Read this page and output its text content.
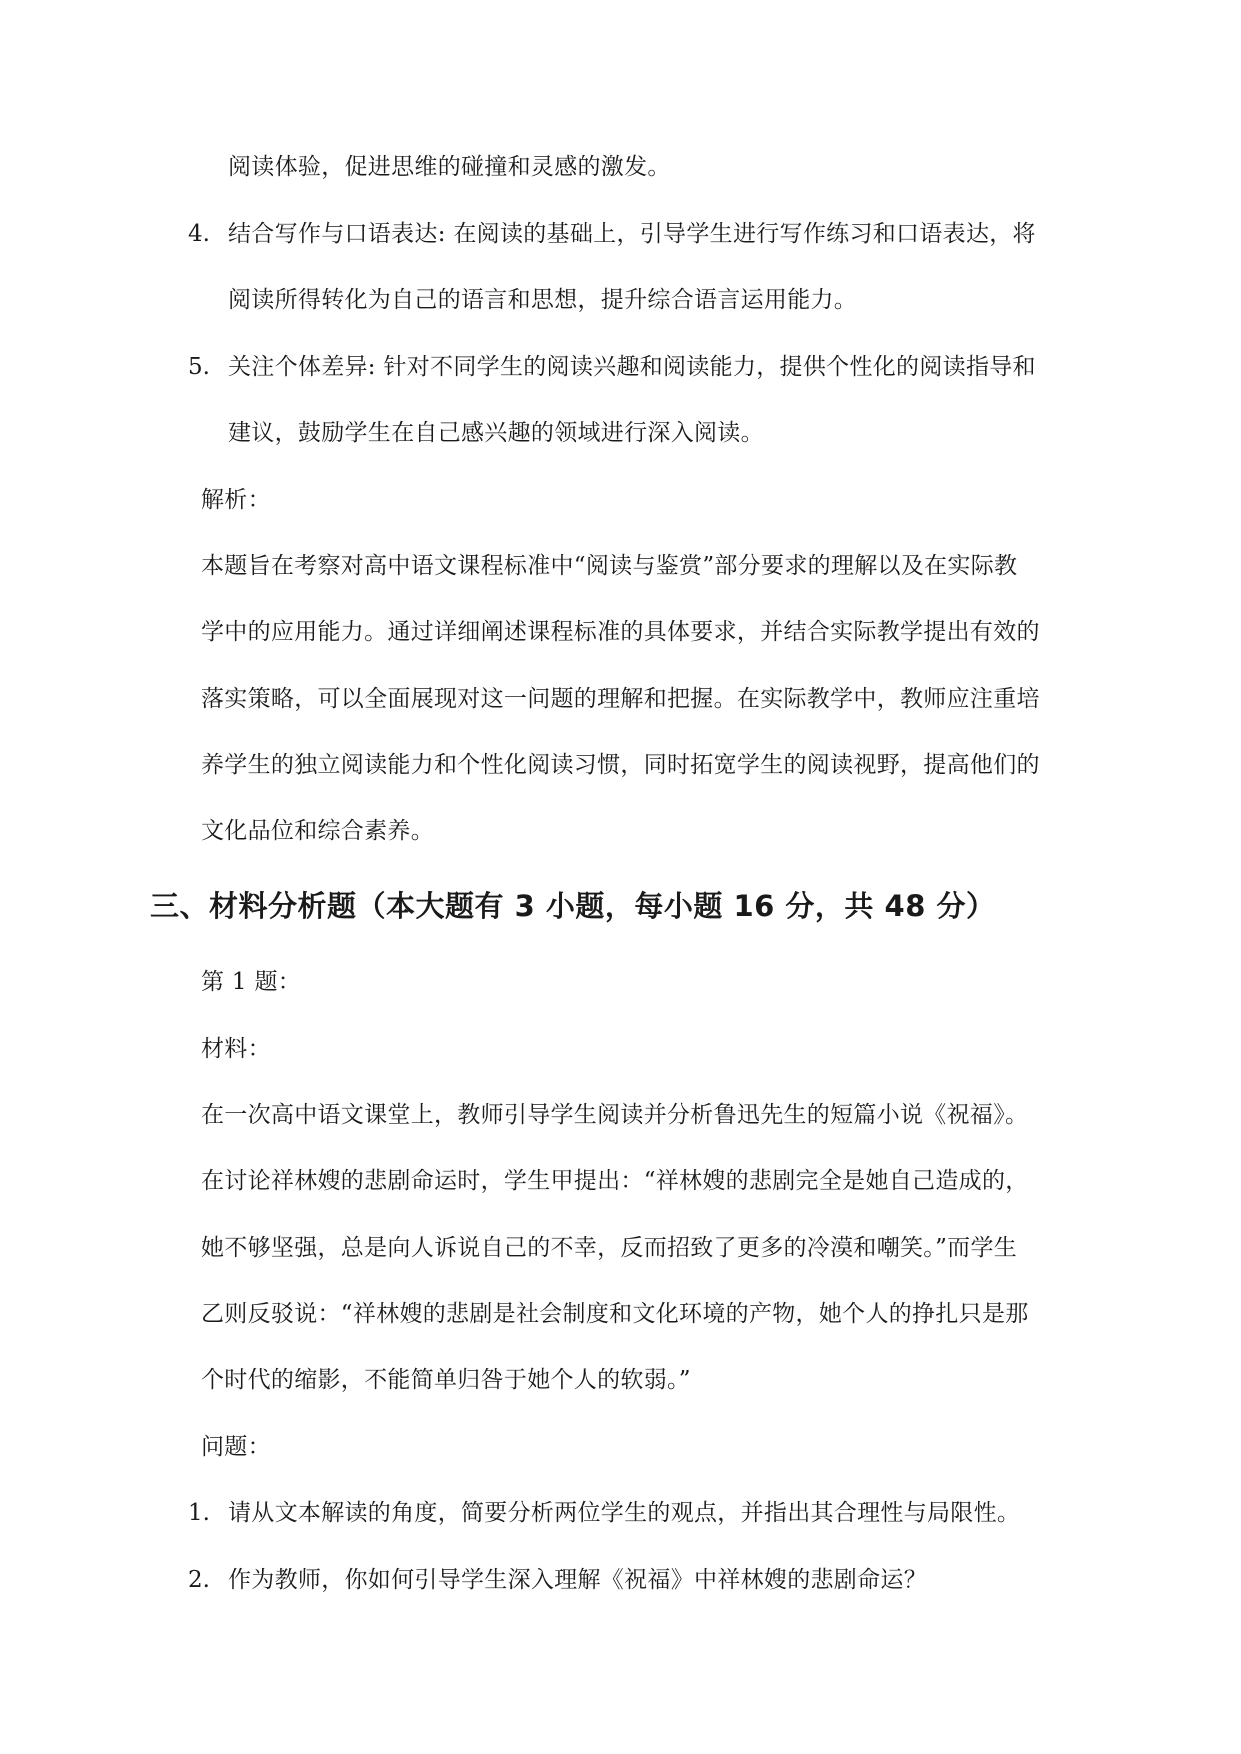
阅读体验，促进思维的碰撞和灵感的激发。
4. 结合写作与口语表达: 在阅读的基础上，引导学生进行写作练习和口语表达，将
阅读所得转化为自己的语言和思想，提升综合语言运用能力。
5. 关注个体差异: 针对不同学生的阅读兴趣和阅读能力，提供个性化的阅读指导和
建议，鼓励学生在自己感兴趣的领域进行深入阅读。
解析：
本题旨在考察对高中语文课程标准中“阅读与鉴赏”部分要求的理解以及在实际教
学中的应用能力。通过详细阐述课程标准的具体要求，并结合实际教学提出有效的
落实策略，可以全面展现对这一问题的理解和把握。在实际教学中，教师应注重培
养学生的独立阅读能力和个性化阅读习惯，同时拓宽学生的阅读视野，提高他们的
文化品位和综合素养。
三、材料分析题（本大题有 3 小题，每小题 16 分，共 48 分）
第 1 题：
材料：
在一次高中语文课堂上，教师引导学生阅读并分析鲁迅先生的短篇小说《祝福》。
在讨论祥林嫂的悲剧命运时，学生甲提出：“祥林嫂的悲剧完全是她自己造成的，
她不够坚强，总是向人诉说自己的不幸，反而招致了更多的冷漠和嘲笑。”而学生
乙则反驳说：“祥林嫂的悲剧是社会制度和文化环境的产物，她个人的挣扎只是那
个时代的缩影，不能简单归咎于她个人的软弱。”
问题：
1. 请从文本解读的角度，简要分析两位学生的观点，并指出其合理性与局限性。
2. 作为教师，你如何引导学生深入理解《祝福》中祥林嫂的悲剧命运？
